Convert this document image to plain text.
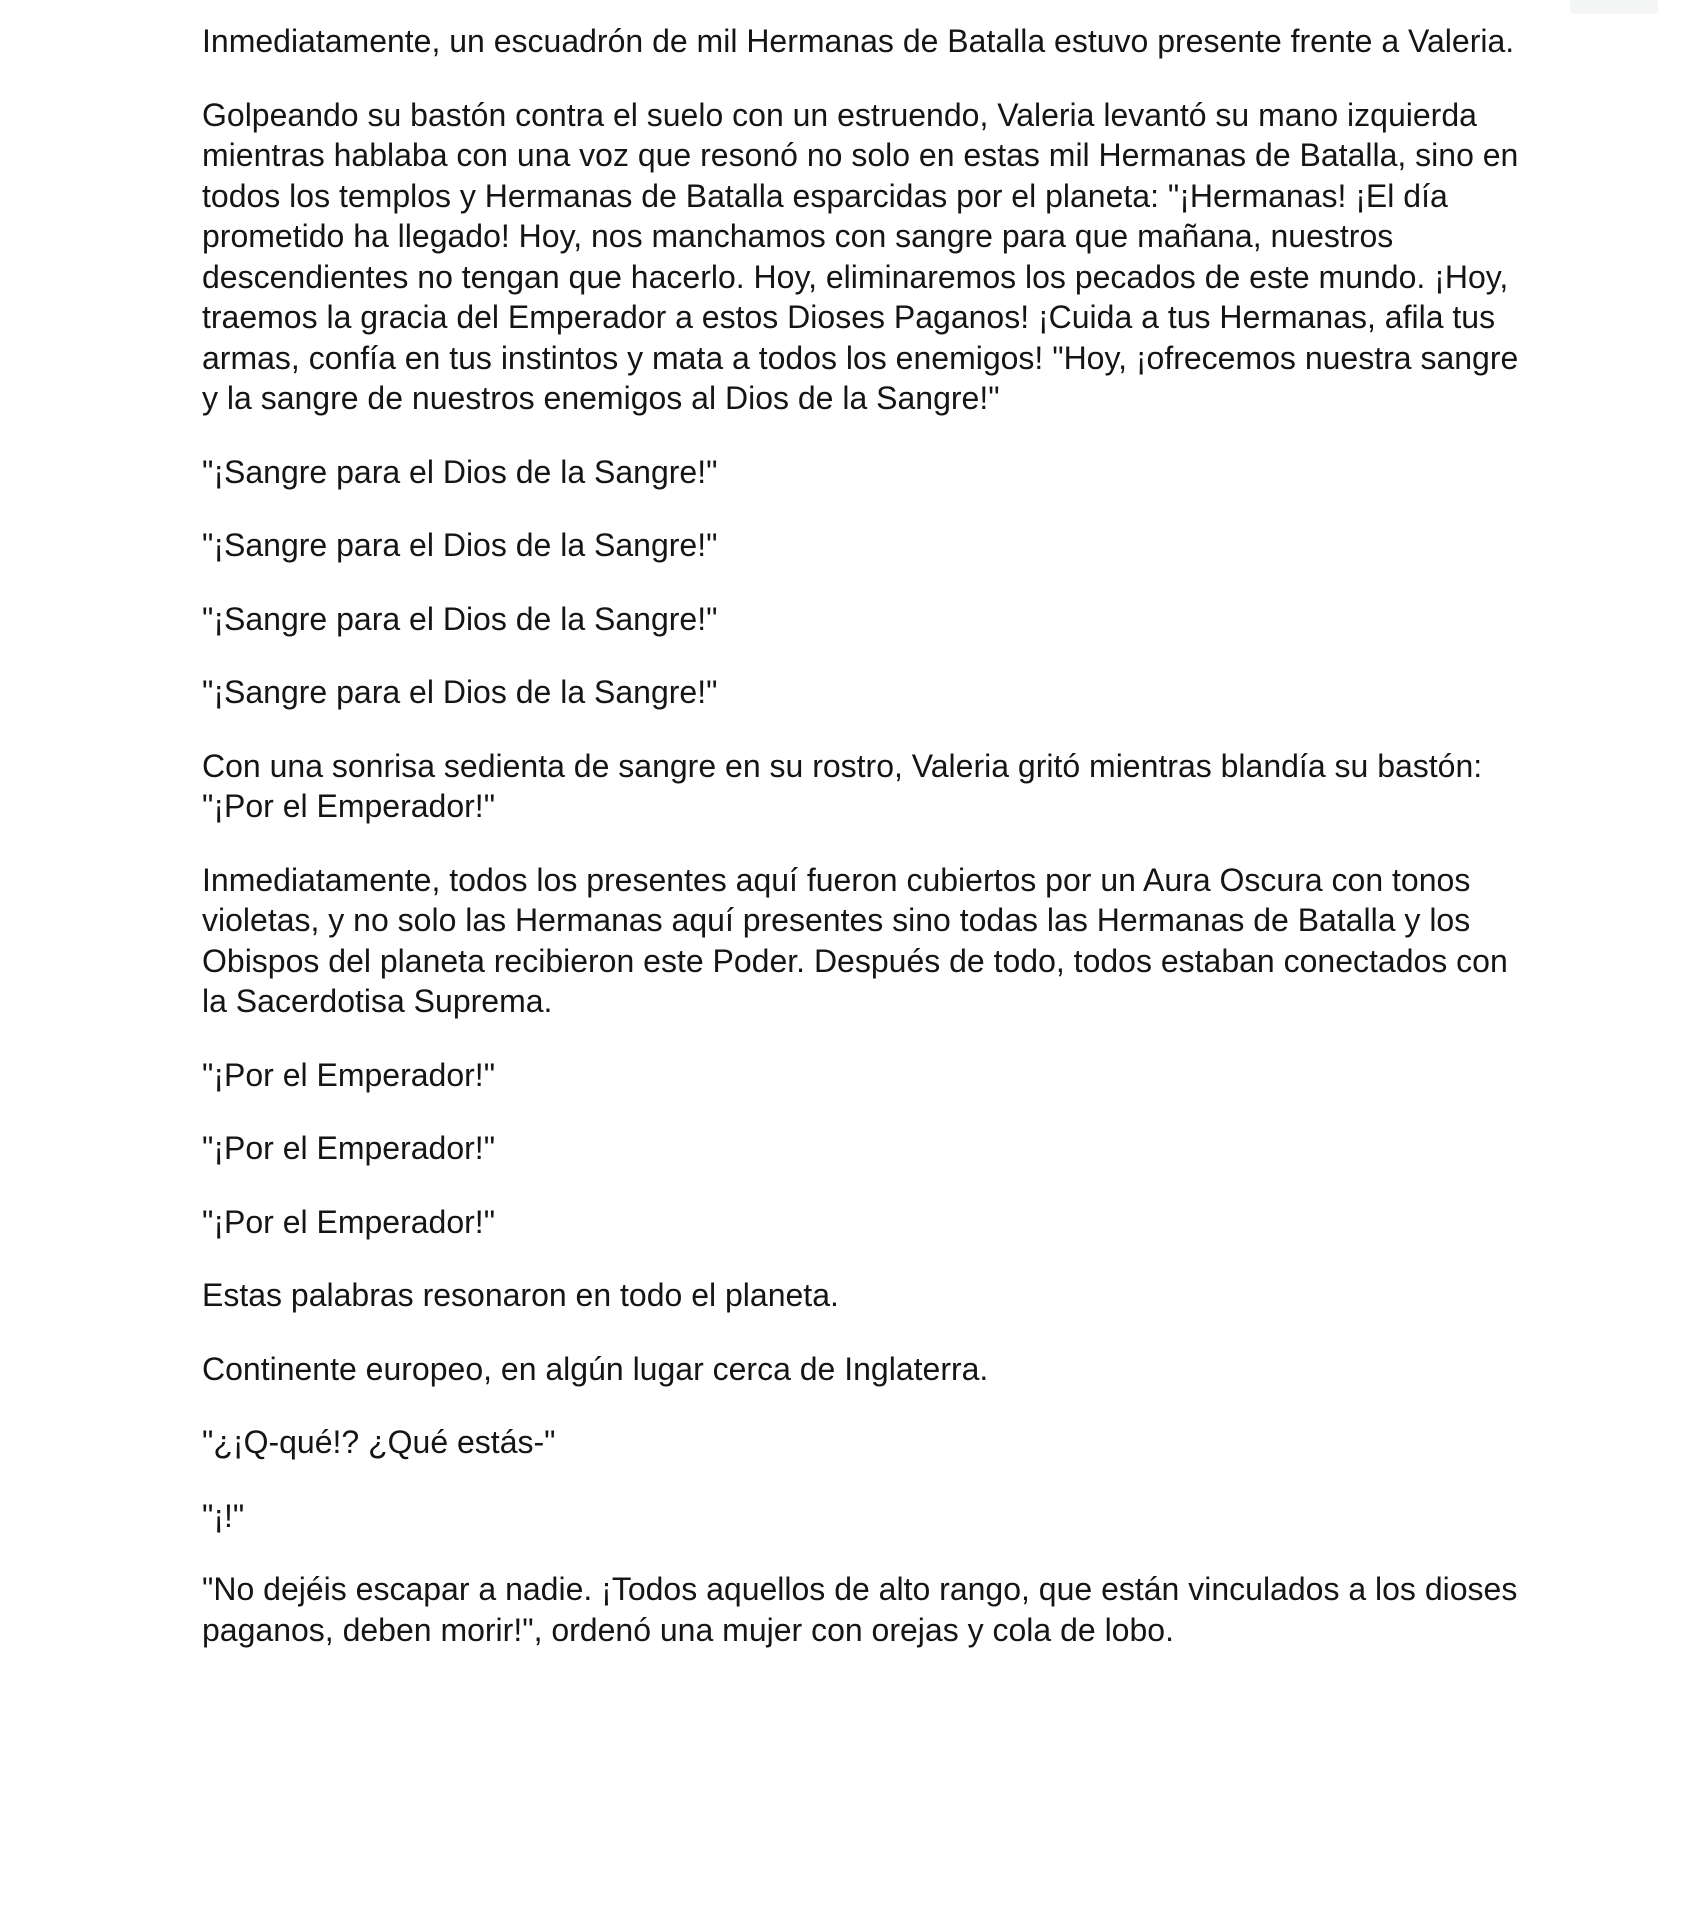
Inmediatamente, un escuadrón de mil Hermanas de Batalla estuvo presente frente a Valeria.

Golpeando su bastón contra el suelo con un estruendo, Valeria levantó su mano izquierda mientras hablaba con una voz que resonó no solo en estas mil Hermanas de Batalla, sino en todos los templos y Hermanas de Batalla esparcidas por el planeta: "¡Hermanas! ¡El día prometido ha llegado! Hoy, nos manchamos con sangre para que mañana, nuestros descendientes no tengan que hacerlo. Hoy, eliminaremos los pecados de este mundo. ¡Hoy, traemos la gracia del Emperador a estos Dioses Paganos! ¡Cuida a tus Hermanas, afila tus armas, confía en tus instintos y mata a todos los enemigos! "Hoy, ¡ofrecemos nuestra sangre y la sangre de nuestros enemigos al Dios de la Sangre!"

"¡Sangre para el Dios de la Sangre!"

"¡Sangre para el Dios de la Sangre!"

"¡Sangre para el Dios de la Sangre!"

"¡Sangre para el Dios de la Sangre!"

Con una sonrisa sedienta de sangre en su rostro, Valeria gritó mientras blandía su bastón: "¡Por el Emperador!"

Inmediatamente, todos los presentes aquí fueron cubiertos por un Aura Oscura con tonos violetas, y no solo las Hermanas aquí presentes sino todas las Hermanas de Batalla y los Obispos del planeta recibieron este Poder. Después de todo, todos estaban conectados con la Sacerdotisa Suprema.

"¡Por el Emperador!"

"¡Por el Emperador!"

"¡Por el Emperador!"

Estas palabras resonaron en todo el planeta.

Continente europeo, en algún lugar cerca de Inglaterra.

"¿¡Q-qué!? ¿Qué estás-"

"¡!"

"No dejéis escapar a nadie. ¡Todos aquellos de alto rango, que están vinculados a los dioses paganos, deben morir!", ordenó una mujer con orejas y cola de lobo.
